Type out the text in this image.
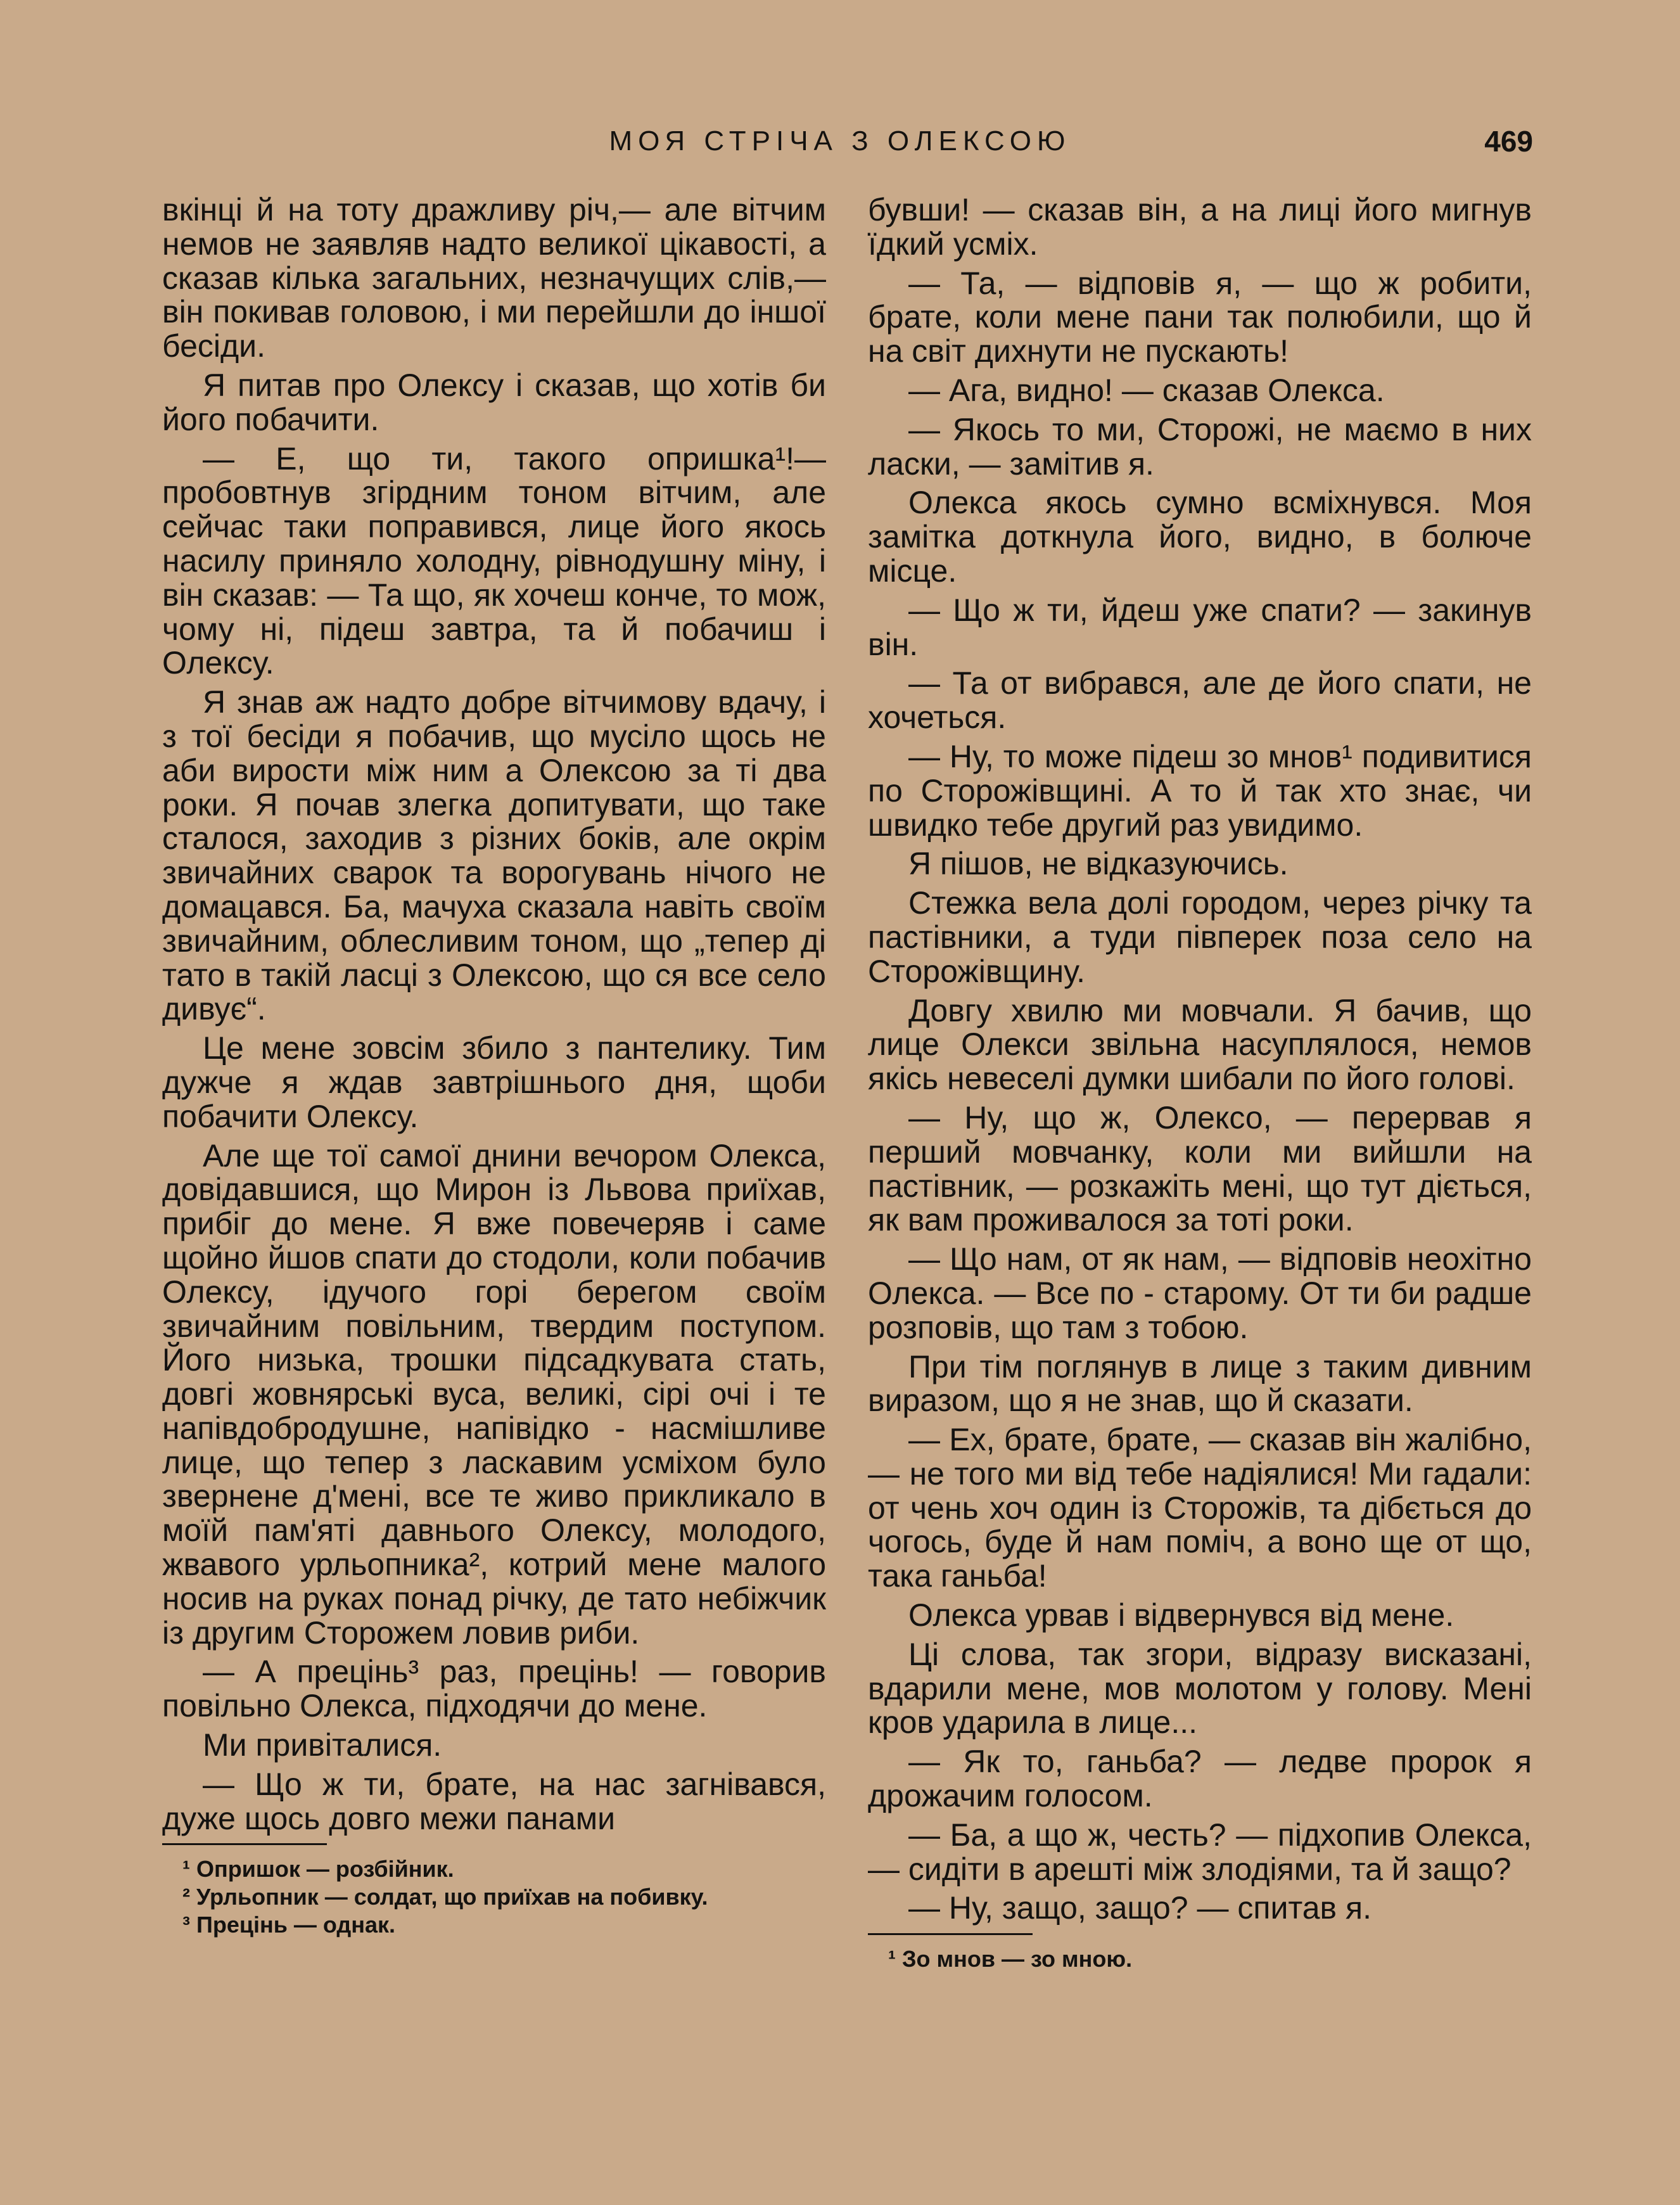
МОЯ СТРІЧА З ОЛЕКСОЮ	469

вкінці й на тоту дражливу річ,— але вітчим немов не заявляв надто великої цікавості, а сказав кілька загальних, незначущих слів,— він покивав головою, і ми перейшли до іншої бесіди.

Я питав про Олексу і сказав, що хотів би його побачити.

— Е, що ти, такого опришка¹!—пробовтнув згірдним тоном вітчим, але сейчас таки поправився, лице його якось насилу приняло холодну, рівнодушну міну, і він сказав: — Та що, як хочеш конче, то мож, чому ні, підеш завтра, та й побачиш і Олексу.

Я знав аж надто добре вітчимову вдачу, і з тої бесіди я побачив, що мусіло щось не аби вирости між ним а Олексою за ті два роки. Я почав злегка допитувати, що таке сталося, заходив з різних боків, але окрім звичайних сварок та ворогувань нічого не домацався. Ба, мачуха сказала навіть своїм звичайним, облесливим тоном, що „тепер ді тато в такій ласці з Олексою, що ся все село дивує“.

Це мене зовсім збило з пантелику. Тим дужче я ждав завтрішнього дня, щоби побачити Олексу.

Але ще тої самої днини вечором Олекса, довідавшися, що Мирон із Львова приїхав, прибіг до мене. Я вже повечеряв і саме щойно йшов спати до стодоли, коли побачив Олексу, ідучого горі берегом своїм звичайним повільним, твердим поступом. Його низька, трошки підсадкувата стать, довгі жовнярські вуса, великі, сірі очі і те напівдобродушне, напівідко - насмішливе лице, що тепер з ласкавим усміхом було звернене д'мені, все те живо прикликало в моїй пам'яті давнього Олексу, молодого, жвавого урльопника², котрий мене малого носив на руках понад річку, де тато небіжчик із другим Сторожем ловив риби.

— А прецінь³ раз, прецінь! — говорив повільно Олекса, підходячи до мене.

Ми привіталися.

— Що ж ти, брате, на нас загнівався, дуже щось довго межи панами

¹ Опришок — розбійник.
² Урльопник — солдат, що приїхав на побивку.
³ Прецінь — однак.

бувши! — сказав він, а на лиці його мигнув їдкий усміх.

— Та, — відповів я, — що ж робити, брате, коли мене пани так полюбили, що й на світ дихнути не пускають!

— Ага, видно! — сказав Олекса.

— Якось то ми, Сторожі, не маємо в них ласки, — замітив я.

Олекса якось сумно всміхнувся. Моя замітка доткнула його, видно, в болюче місце.

— Що ж ти, йдеш уже спати? — закинув він.

— Та от вибрався, але де його спати, не хочеться.

— Ну, то може підеш зо мнов¹ подивитися по Сторожівщині. А то й так хто знає, чи швидко тебе другий раз увидимо.

Я пішов, не відказуючись.

Стежка вела долі городом, через річку та пастівники, а туди півперек поза село на Сторожівщину.

Довгу хвилю ми мовчали. Я бачив, що лице Олекси звільна насуплялося, немов якісь невеселі думки шибали по його голові.

— Ну, що ж, Олексо, — перервав я перший мовчанку, коли ми вийшли на пастівник, — розкажіть мені, що тут діється, як вам проживалося за тоті роки.

— Що нам, от як нам, — відповів неохітно Олекса. — Все по - старому. От ти би радше розповів, що там з тобою.

При тім поглянув в лице з таким дивним виразом, що я не знав, що й сказати.

— Ех, брате, брате, — сказав він жалібно, — не того ми від тебе надіялися! Ми гадали: от чень хоч один із Сторожів, та дібється до чогось, буде й нам поміч, а воно ще от що, така ганьба!

Олекса урвав і відвернувся від мене.

Ці слова, так згори, відразу висказані, вдарили мене, мов молотом у голову. Мені кров ударила в лице...

— Як то, ганьба? — ледве пророк я дрожачим голосом.

— Ба, а що ж, честь? — підхопив Олекса, — сидіти в арешті між злодіями, та й защо?

— Ну, защо, защо? — спитав я.

¹ Зо мнов — зо мною.
